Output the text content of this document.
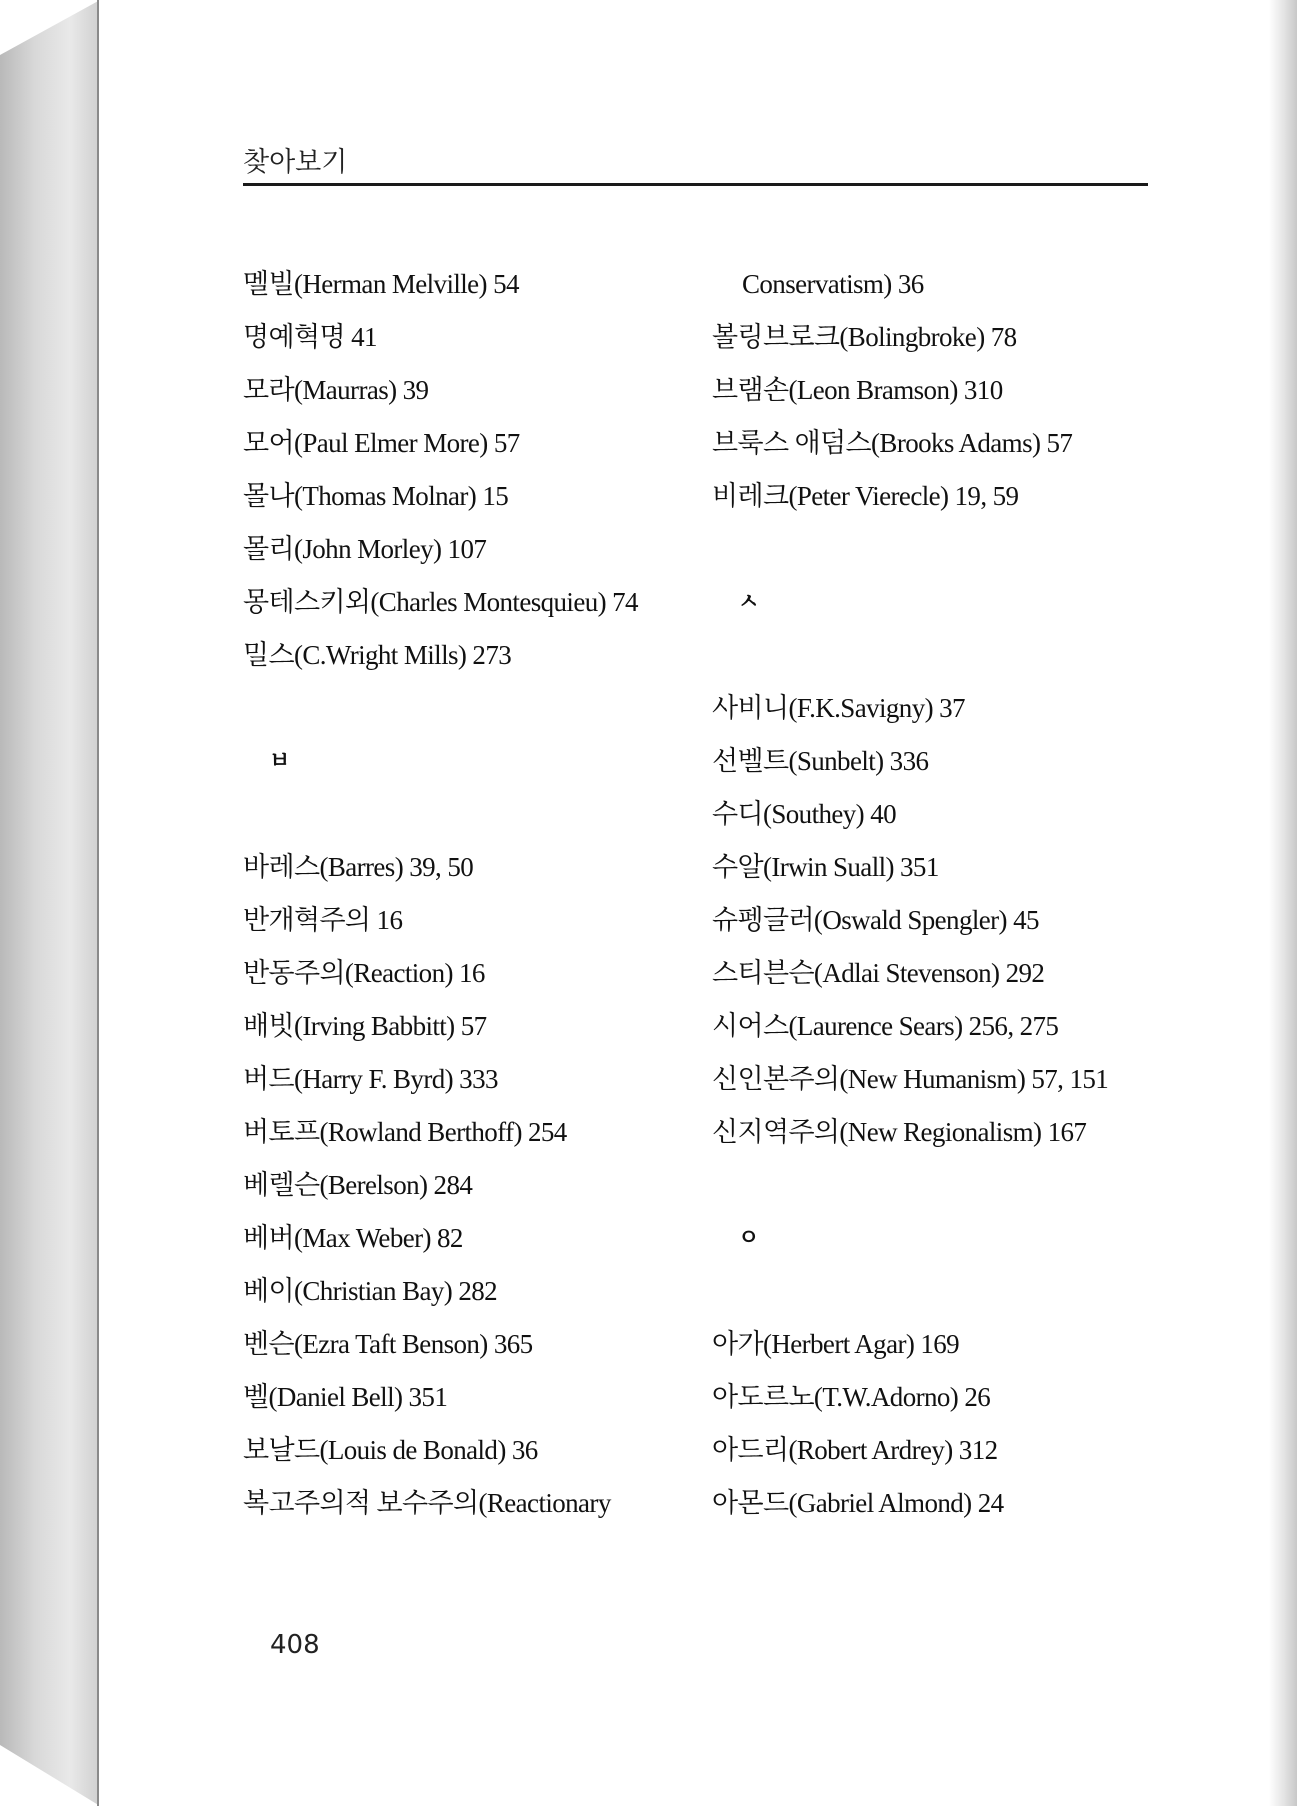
찾아보기
멜빌(Herman Melville) 54
명예혁명 41
모라(Maurras) 39
모어(Paul Elmer More) 57
몰나(Thomas Molnar) 15
몰리(John Morley) 107
몽테스키외(Charles Montesquieu) 74
밀스(C.Wright Mills) 273
ㅂ
바레스(Barres) 39, 50
반개혁주의 16
반동주의(Reaction) 16
배빗(Irving Babbitt) 57
버드(Harry F. Byrd) 333
버토프(Rowland Berthoff) 254
베렐슨(Berelson) 284
베버(Max Weber) 82
베이(Christian Bay) 282
벤슨(Ezra Taft Benson) 365
벨(Daniel Bell) 351
보날드(Louis de Bonald) 36
복고주의적 보수주의(Reactionary
Conservatism) 36
볼링브로크(Bolingbroke) 78
브램손(Leon Bramson) 310
브룩스 애덤스(Brooks Adams) 57
비레크(Peter Vierecle) 19, 59
ㅅ
사비니(F.K.Savigny) 37
선벨트(Sunbelt) 336
수디(Southey) 40
수알(Irwin Suall) 351
슈펭글러(Oswald Spengler) 45
스티븐슨(Adlai Stevenson) 292
시어스(Laurence Sears) 256, 275
신인본주의(New Humanism) 57, 151
신지역주의(New Regionalism) 167
ㅇ
아가(Herbert Agar) 169
아도르노(T.W.Adorno) 26
아드리(Robert Ardrey) 312
아몬드(Gabriel Almond) 24
408
